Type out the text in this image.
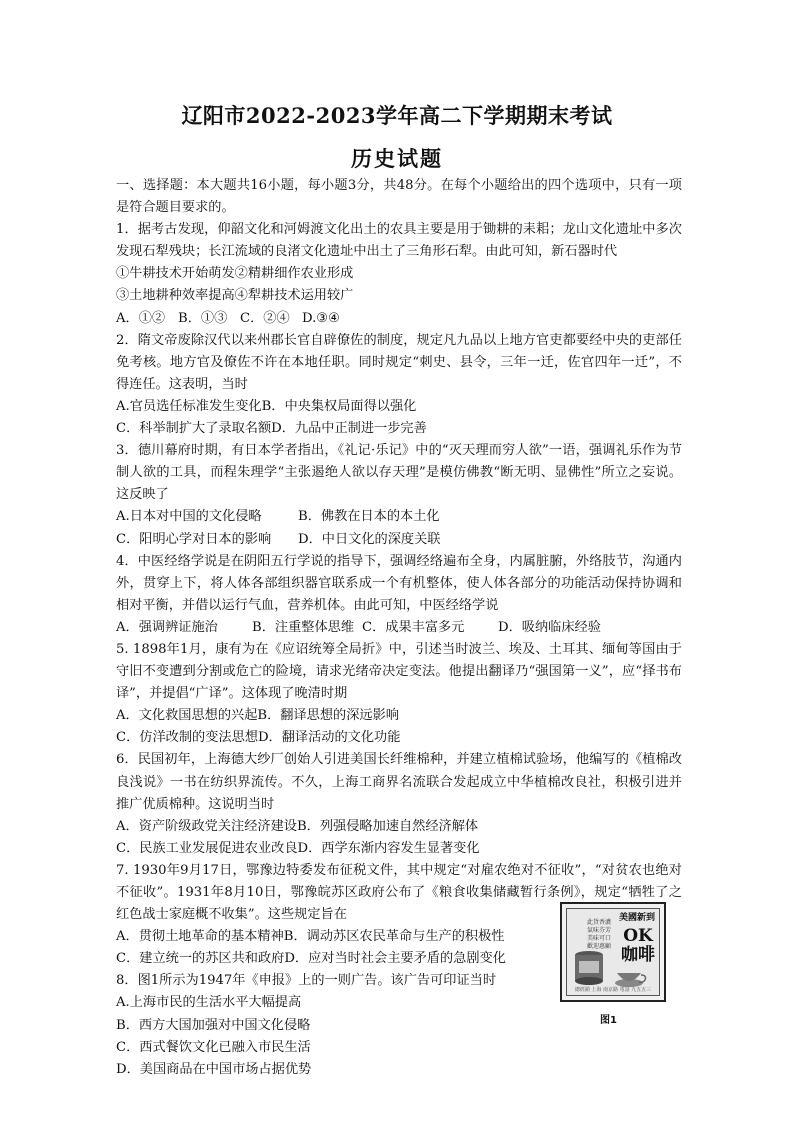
辽阳市2022-2023学年高二下学期期末考试
历史试题

一、选择题：本大题共16小题，每小题3分，共48分。在每个小题给出的四个选项中，只有一项是符合题目要求的。

1．据考古发现，仰韶文化和河姆渡文化出土的农具主要是用于锄耕的耒耜；龙山文化遗址中多次发现石犁残块；长江流域的良渚文化遗址中出土了三角形石犁。由此可知，新石器时代

①牛耕技术开始萌发②精耕细作农业形成

③土地耕种效率提高④犁耕技术运用较广

A．①② B．①③ C．②④ D.③④

2．隋文帝废除汉代以来州郡长官自辟僚佐的制度，规定凡九品以上地方官吏都要经中央的吏部任免考核。地方官及僚佐不许在本地任职。同时规定“刺史、县令，三年一迁，佐官四年一迁”，不得连任。这表明，当时

A.官员选任标准发生变化B．中央集权局面得以强化

C．科举制扩大了录取名额D．九品中正制进一步完善

3．德川幕府时期，有日本学者指出，《礼记·乐记》中的“灭天理而穷人欲”一语，强调礼乐作为节制人欲的工具，而程朱理学“主张遏绝人欲以存天理”是模仿佛教“断无明、显佛性”所立之妄说。这反映了

A.日本对中国的文化侵略	B．佛教在日本的本土化

C．阳明心学对日本的影响 D．中日文化的深度关联

4．中医经络学说是在阴阳五行学说的指导下，强调经络遍布全身，内属脏腑，外络肢节，沟通内外，贯穿上下，将人体各部组织器官联系成一个有机整体，使人体各部分的功能活动保持协调和相对平衡，并借以运行气血，营养机体。由此可知，中医经络学说

A．强调辨证施治	B．注重整体思维 C．成果丰富多元	D．吸纳临床经验

5. 1898年1月，康有为在《应诏统筹全局折》中，引述当时波兰、埃及、土耳其、缅甸等国由于守旧不变遭到分割或危亡的险境，请求光绪帝决定变法。他提出翻译乃“强国第一义”，应“择书布译”，并提倡“广译”。这体现了晚清时期

A．文化救国思想的兴起B．翻译思想的深远影响

C．仿洋改制的变法思想D．翻译活动的文化功能

6．民国初年，上海德大纱厂创始人引进美国长纤维棉种，并建立植棉试验场，他编写的《植棉改良浅说》一书在纺织界流传。不久，上海工商界名流联合发起成立中华植棉改良社，积极引进并推广优质棉种。这说明当时

A．资产阶级政党关注经济建设B．列强侵略加速自然经济解体

C．民族工业发展促进农业改良D．西学东渐内容发生显著变化

7. 1930年9月17日，鄂豫边特委发布征税文件，其中规定“对雇农绝对不征收”，“对贫农也绝对不征收”。1931年8月10日，鄂豫皖苏区政府公布了《粮食收集储藏暂行条例》，规定“牺牲了之红色战士家庭概不收集”。这些规定旨在

A．贯彻土地革命的基本精神B．调动苏区农民革命与生产的积极性

C．建立统一的苏区共和政府D．应对当时社会主要矛盾的急剧变化

8．图1所示为1947年《申报》上的一则广告。该广告可印证当时

A.上海市民的生活水平大幅提高

B．西方大国加强对中国文化侵略

C．西式餐饮文化已融入市民生活

D．美国商品在中国市场占据优势

此貨香濃 氣味芬芳 美味可口 歡迎惠顧
美國新到
OK
咖啡
總經銷 上海 南京路 電話 九五五三
图1
